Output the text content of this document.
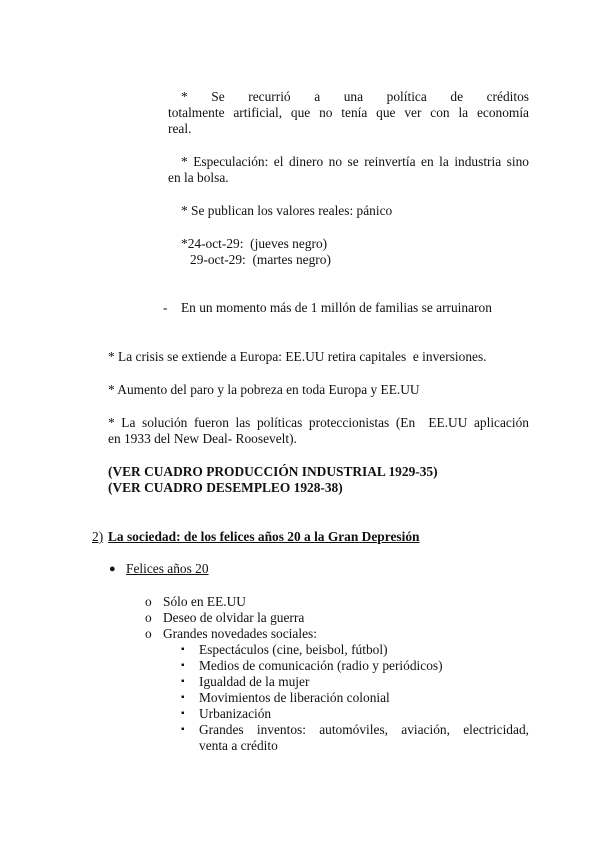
* Se recurrió a una política de créditos
totalmente artificial, que no tenía que ver con la economía
real.
* Especulación: el dinero no se reinvertía en la industria sino
en la bolsa.
* Se publican los valores reales: pánico
*24-oct-29:  (jueves negro)
29-oct-29:  (martes negro)
- En un momento más de 1 millón de familias se arruinaron
* La crisis se extiende a Europa: EE.UU retira capitales  e inversiones.
* Aumento del paro y la pobreza en toda Europa y EE.UU
* La solución fueron las políticas proteccionistas (En  EE.UU aplicación
en 1933 del New Deal- Roosevelt).
(VER CUADRO PRODUCCIÓN INDUSTRIAL 1929-35)
(VER CUADRO DESEMPLEO 1928-38)
2) La sociedad: de los felices años 20 a la Gran Depresión
● Felices años 20
o Sólo en EE.UU
o Deseo de olvidar la guerra
o Grandes novedades sociales:
▪ Espectáculos (cine, beisbol, fútbol)
▪ Medios de comunicación (radio y periódicos)
▪ Igualdad de la mujer
▪ Movimientos de liberación colonial
▪ Urbanización
▪ Grandes inventos: automóviles, aviación, electricidad,
venta a crédito
